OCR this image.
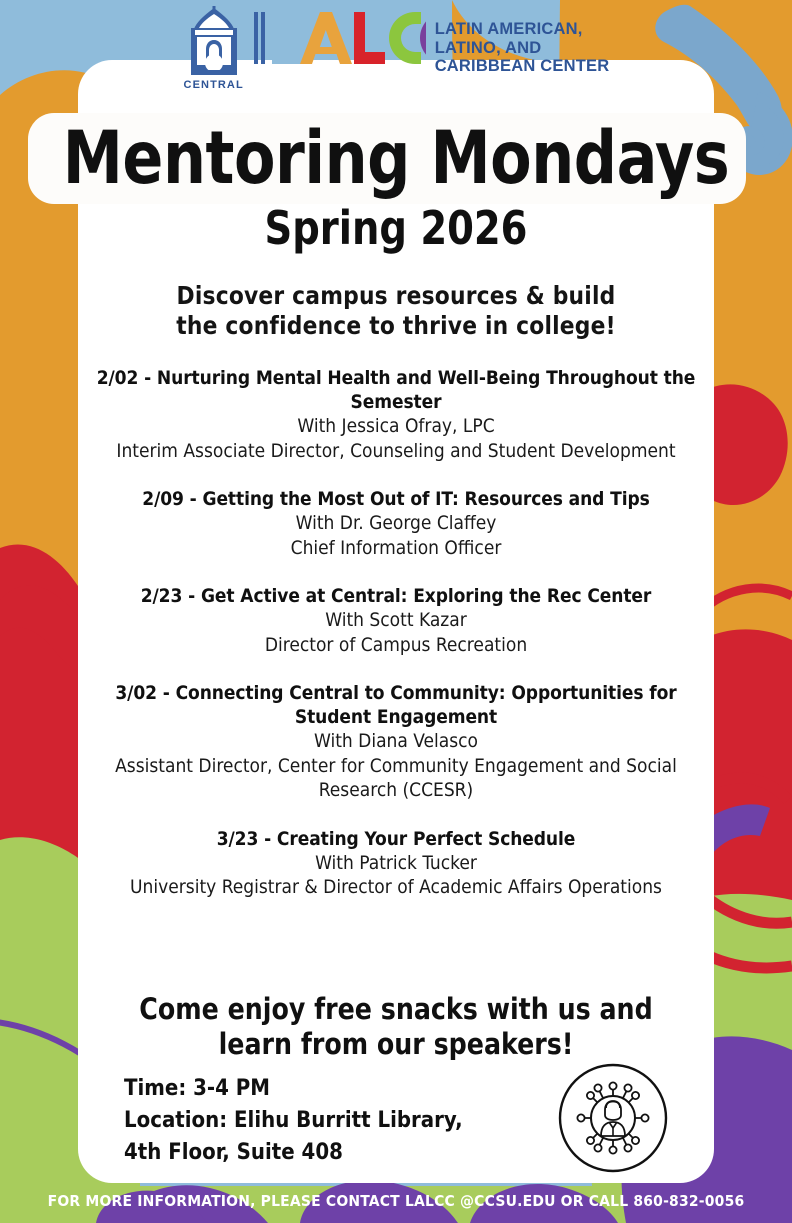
CENTRAL
LATIN AMERICAN,
LATINO, AND
CARIBBEAN CENTER
Mentoring Mondays
Spring 2026
Discover campus resources & build
the confidence to thrive in college!
2/02 - Nurturing Mental Health and Well-Being Throughout the Semester
With Jessica Ofray, LPC
Interim Associate Director, Counseling and Student Development
2/09 - Getting the Most Out of IT: Resources and Tips
With Dr. George Claffey
Chief Information Officer
2/23 - Get Active at Central: Exploring the Rec Center
With Scott Kazar
Director of Campus Recreation
3/02 - Connecting Central to Community: Opportunities for Student Engagement
With Diana Velasco
Assistant Director, Center for Community Engagement and Social Research (CCESR)
3/23 - Creating Your Perfect Schedule
With Patrick Tucker
University Registrar & Director of Academic Affairs Operations
Come enjoy free snacks with us and
learn from our speakers!
Time: 3-4 PM
Location: Elihu Burritt Library,
4th Floor, Suite 408
FOR MORE INFORMATION, PLEASE CONTACT LALCC @CCSU.EDU OR CALL 860-832-0056
